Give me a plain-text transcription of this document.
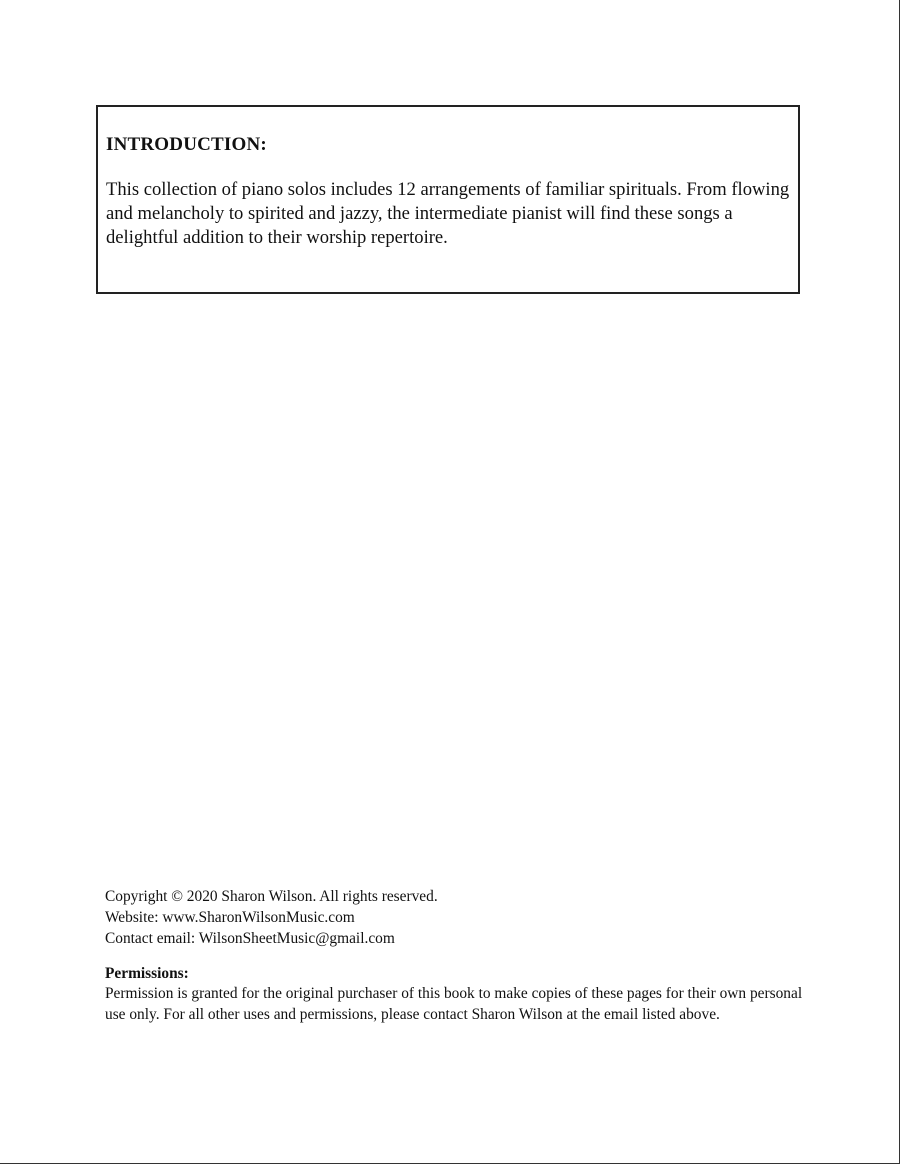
INTRODUCTION:

This collection of piano solos includes 12 arrangements of familiar spirituals. From flowing and melancholy to spirited and jazzy, the intermediate pianist will find these songs a delightful addition to their worship repertoire.

Copyright © 2020 Sharon Wilson. All rights reserved.

Website: www.SharonWilsonMusic.com

Contact email: WilsonSheetMusic@gmail.com

Permissions:

Permission is granted for the original purchaser of this book to make copies of these pages for their own personal use only. For all other uses and permissions, please contact Sharon Wilson at the email listed above.
